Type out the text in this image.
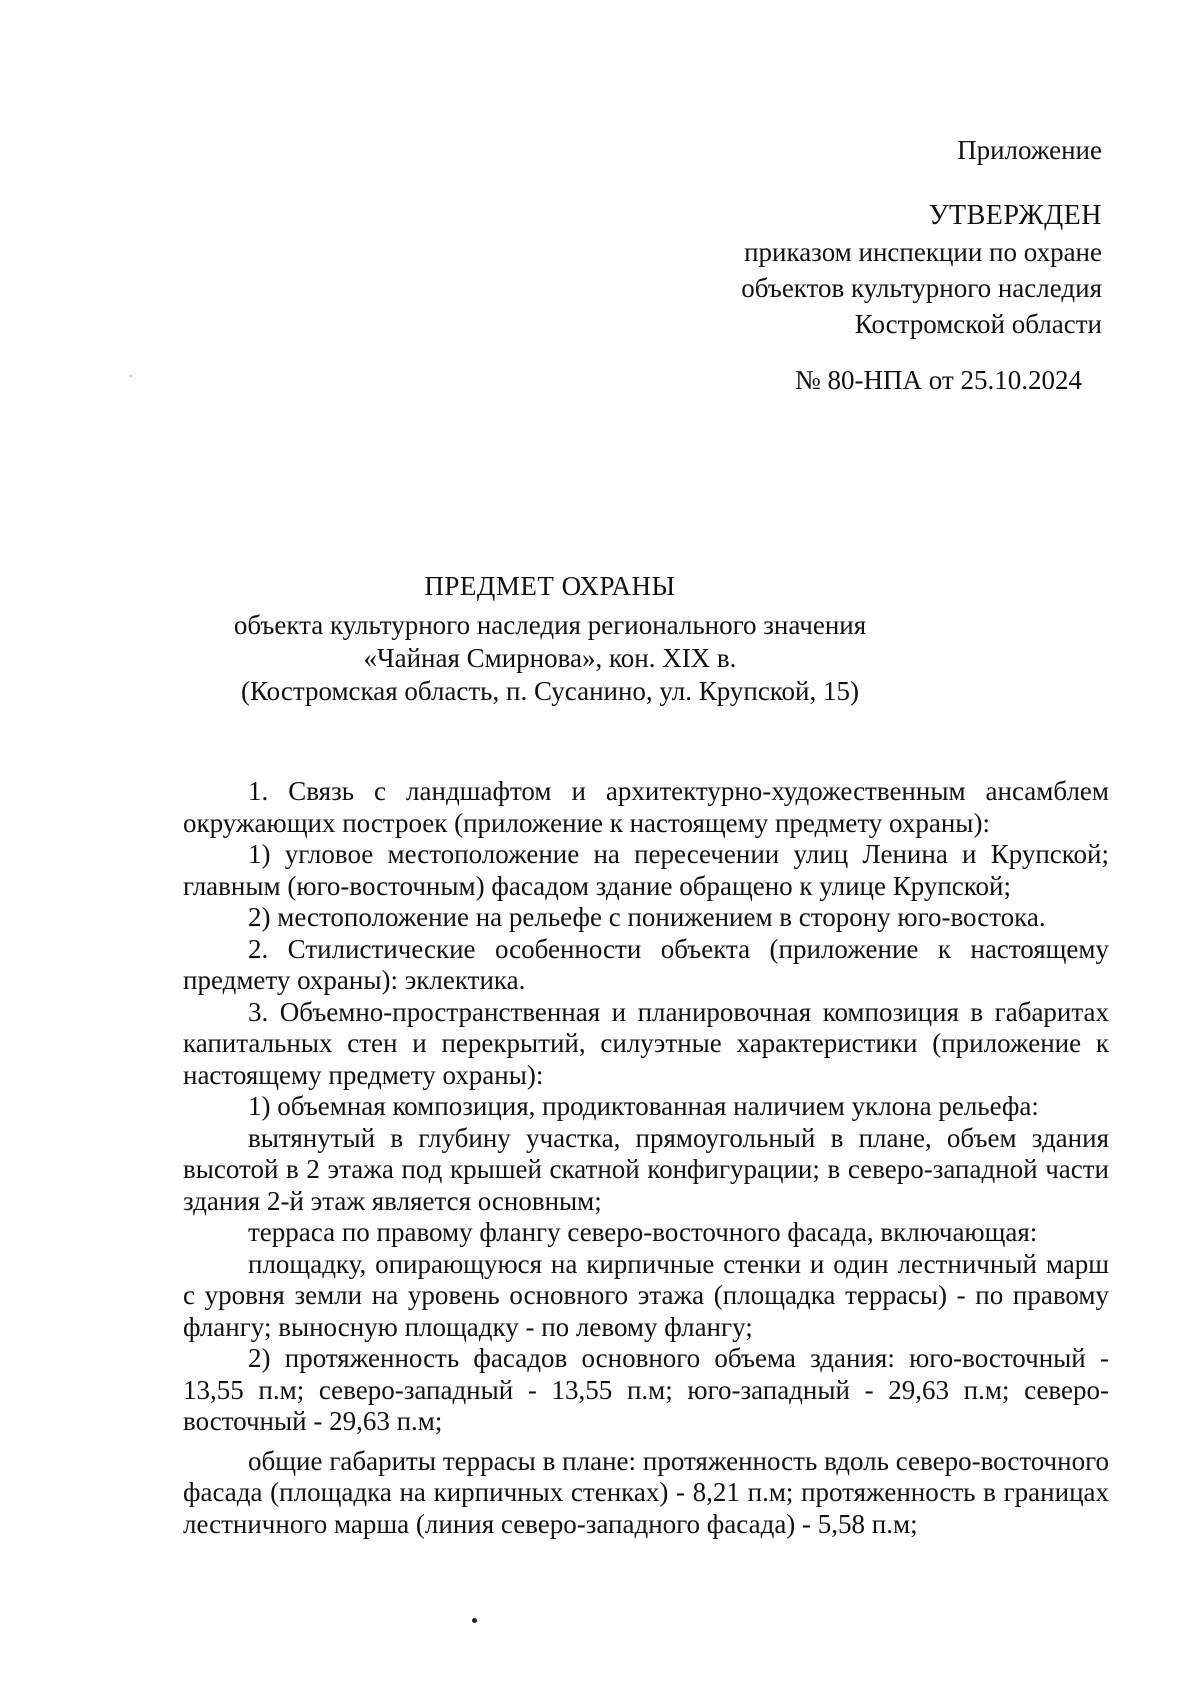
Приложение
УТВЕРЖДЕН
приказом инспекции по охране
объектов культурного наследия
Костромской области
№ 80-НПА от 25.10.2024
ПРЕДМЕТ ОХРАНЫ
объекта культурного наследия регионального значения
«Чайная Смирнова», кон. XIX в.
(Костромская область, п. Сусанино, ул. Крупской, 15)

1. Связь с ландшафтом и архитектурно-художественным ансамблем окружающих построек (приложение к настоящему предмету охраны):

1) угловое местоположение на пересечении улиц Ленина и Крупской; главным (юго-восточным) фасадом здание обращено к улице Крупской;

2) местоположение на рельефе с понижением в сторону юго-востока.

2. Стилистические особенности объекта (приложение к настоящему предмету охраны): эклектика.

3. Объемно-пространственная и планировочная композиция в габаритах капитальных стен и перекрытий, силуэтные характеристики (приложение к настоящему предмету охраны):

1) объемная композиция, продиктованная наличием уклона рельефа:

вытянутый в глубину участка, прямоугольный в плане, объем здания высотой в 2 этажа под крышей скатной конфигурации; в северо-западной части здания 2-й этаж является основным;

терраса по правому флангу северо-восточного фасада, включающая:

площадку, опирающуюся на кирпичные стенки и один лестничный марш с уровня земли на уровень основного этажа (площадка террасы) - по правому флангу; выносную площадку - по левому флангу;

2) протяженность фасадов основного объема здания: юго-восточный - 13,55 п.м; северо-западный - 13,55 п.м; юго-западный - 29,63 п.м; северо-восточный - 29,63 п.м;

общие габариты террасы в плане: протяженность вдоль северо-восточного фасада (площадка на кирпичных стенках) - 8,21 п.м; протяженность в границах лестничного марша (линия северо-западного фасада) - 5,58 п.м;
